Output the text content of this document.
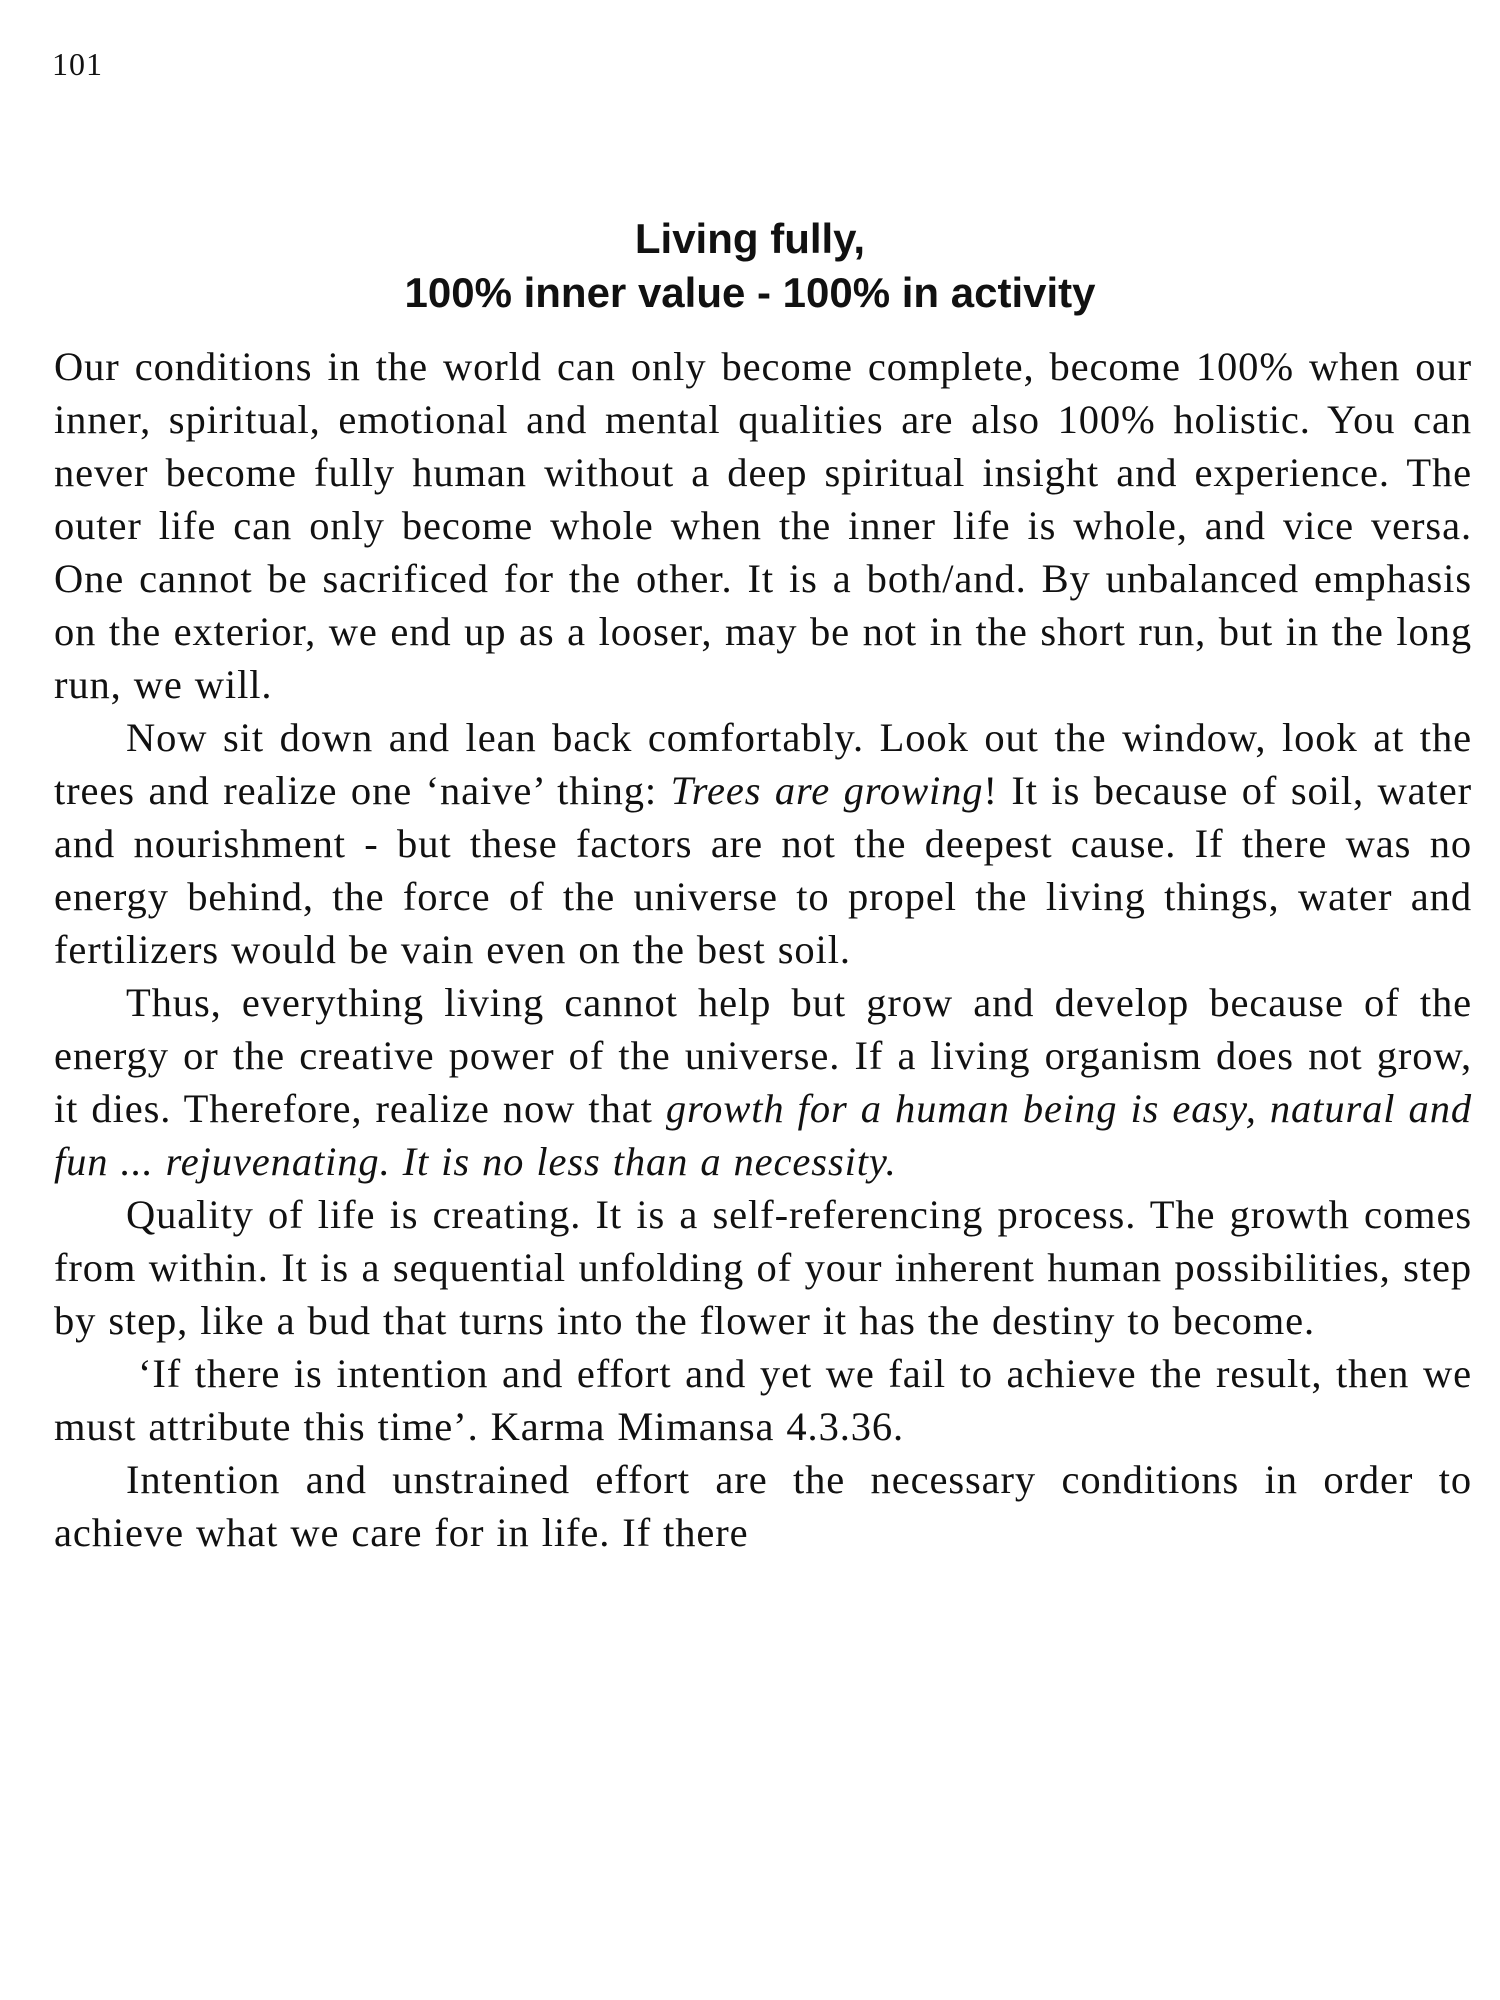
101
Living fully,
100% inner value - 100% in activity

Our conditions in the world can only become complete, become 100% when our inner, spiritual, emotional and mental qualities are also 100% holistic. You can never become fully human without a deep spiritual insight and experience. The outer life can only become whole when the inner life is whole, and vice versa. One cannot be sacrificed for the other. It is a both/and. By unbalanced emphasis on the exterior, we end up as a looser, may be not in the short run, but in the long run, we will.

Now sit down and lean back comfortably. Look out the window, look at the trees and realize one ‘naive’ thing: Trees are growing! It is because of soil, water and nourishment - but these factors are not the deepest cause. If there was no energy behind, the force of the universe to propel the living things, water and fertilizers would be vain even on the best soil.

Thus, everything living cannot help but grow and develop because of the energy or the creative power of the universe. If a living organism does not grow, it dies. Therefore, realize now that growth for a human being is easy, natural and fun ... rejuvenating. It is no less than a necessity.

Quality of life is creating. It is a self-referencing process. The growth comes from within. It is a sequential unfolding of your inherent human possibilities, step by step, like a bud that turns into the flower it has the destiny to become.

‘If there is intention and effort and yet we fail to achieve the result, then we must attribute this time’. Karma Mimansa 4.3.36.

Intention and unstrained effort are the necessary conditions in order to achieve what we care for in life. If there
